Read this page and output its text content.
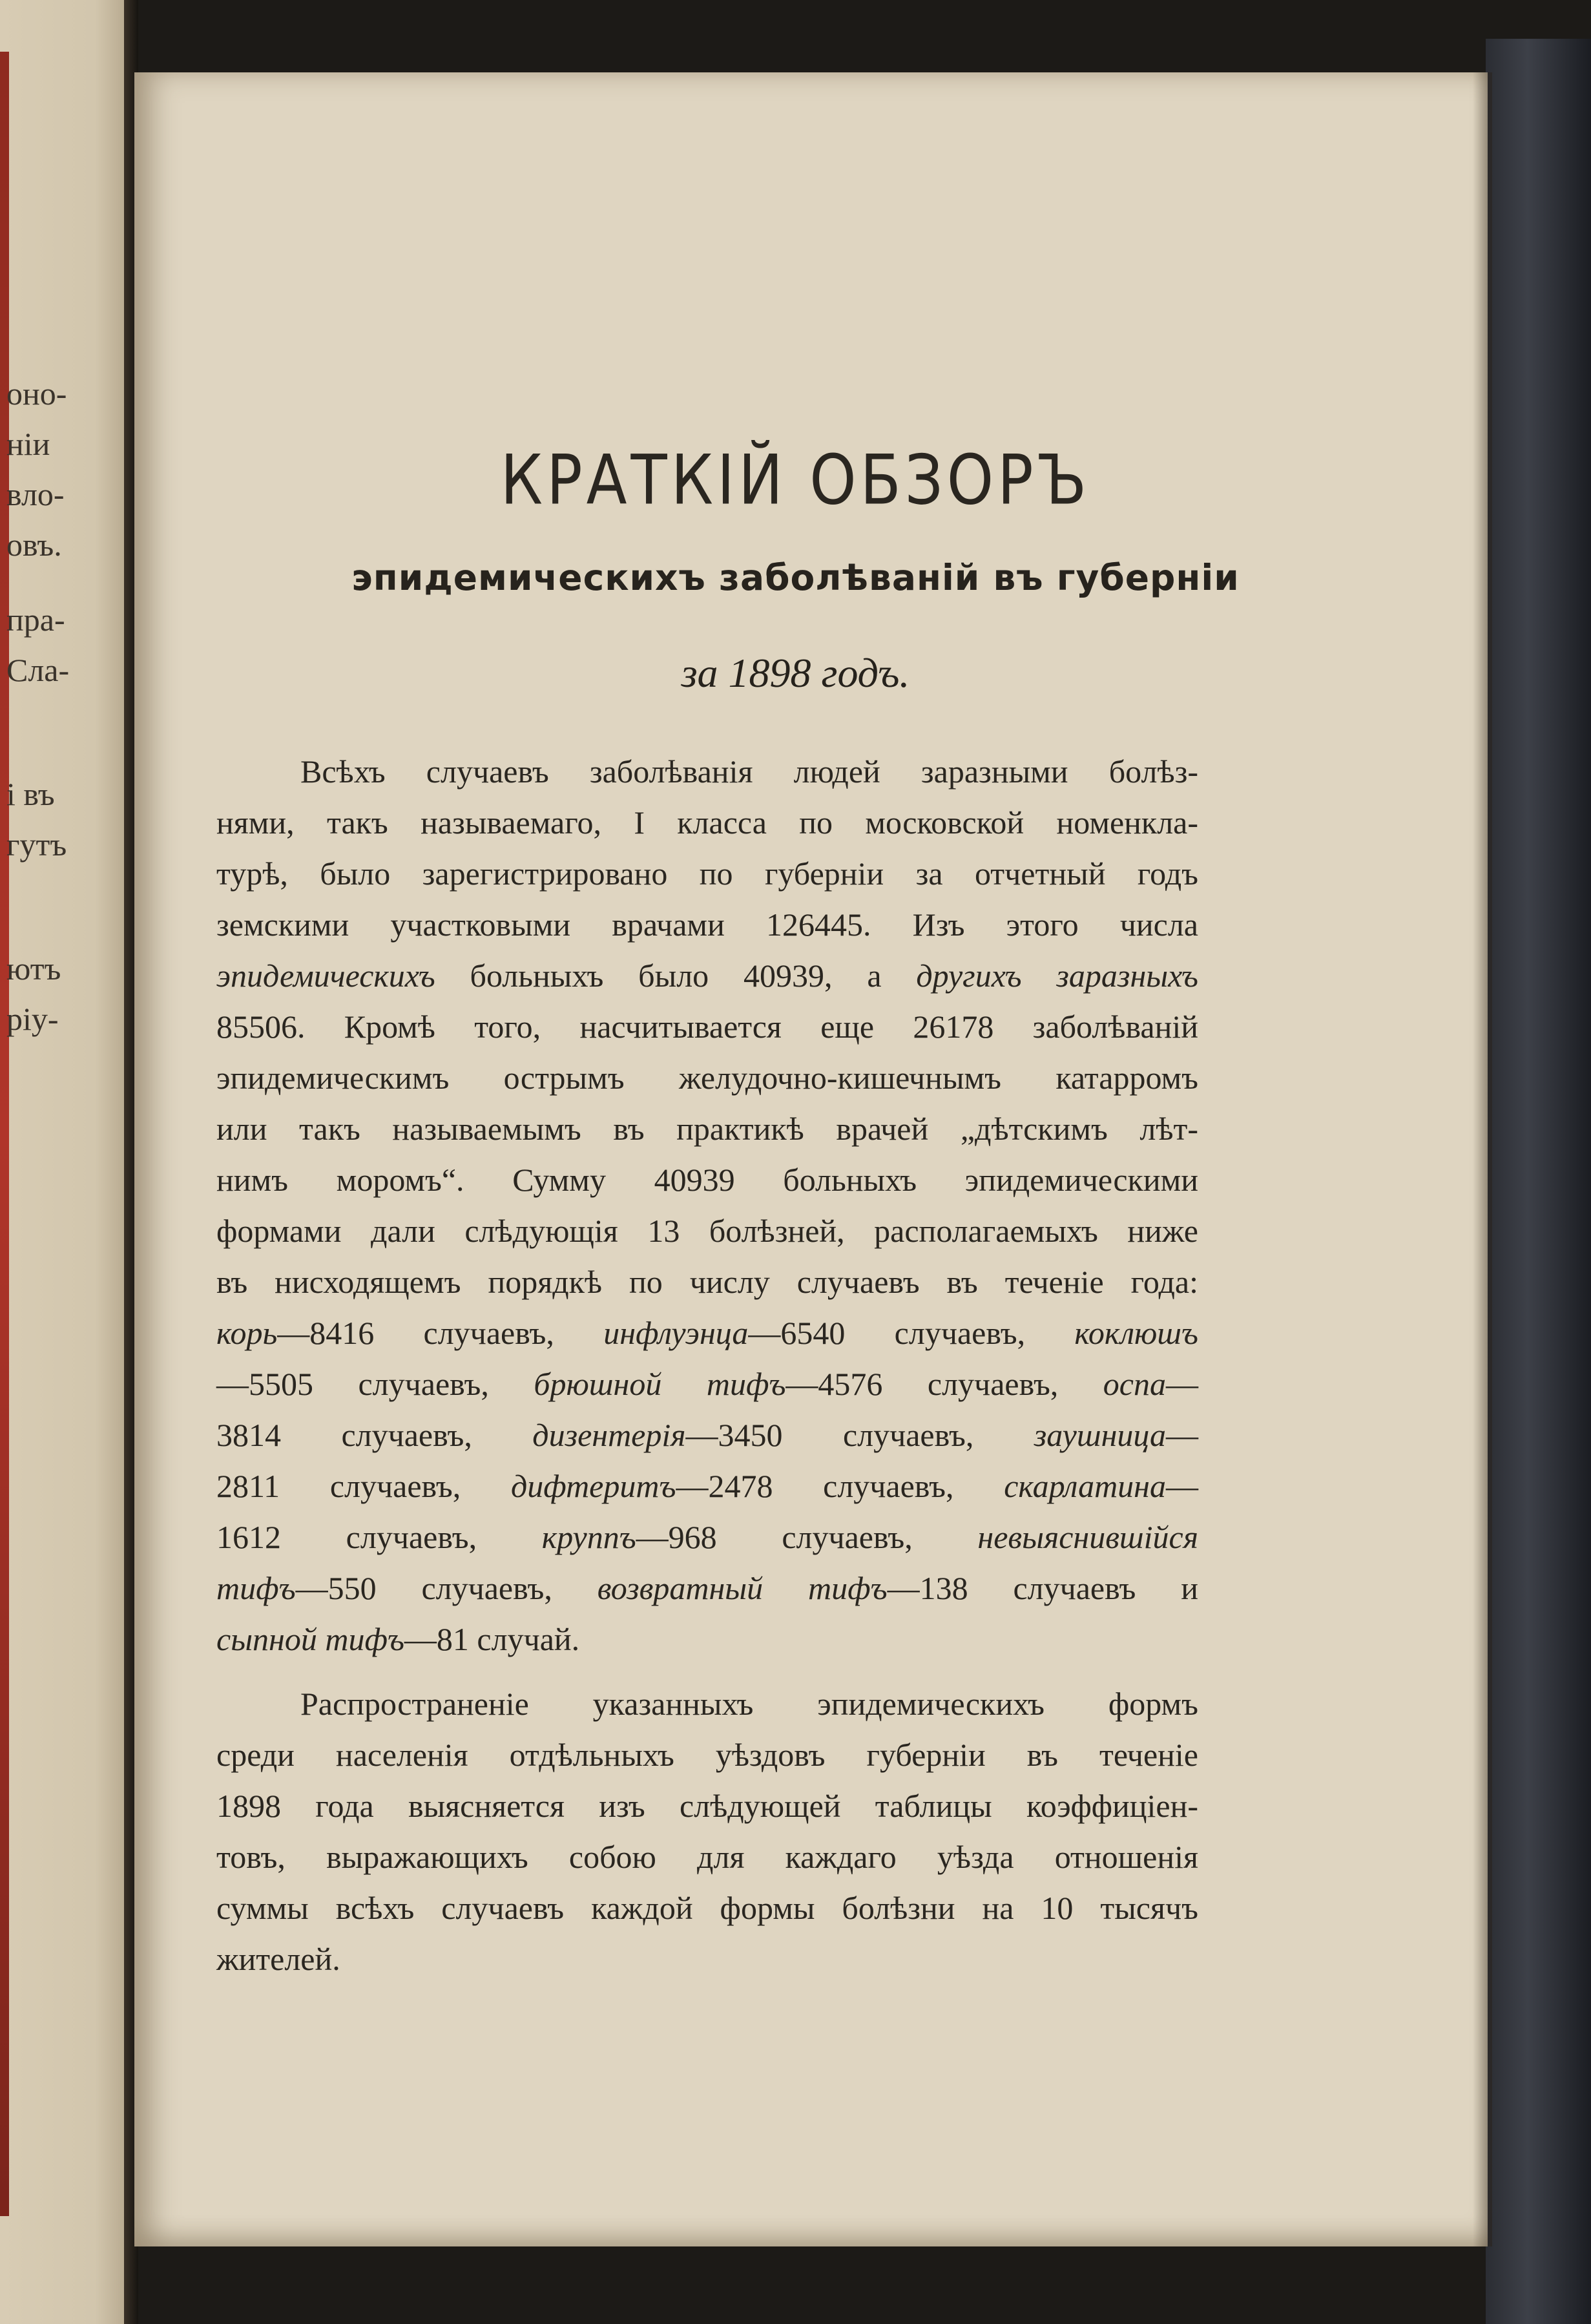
оно-
ніи
вло-
овъ.
пра-
Сла-
і въ
гутъ
ютъ
ріу-
КРАТКІЙ ОБЗОРЪ
эпидемическихъ заболѣваній въ губерніи
за 1898 годъ.
Всѣхъ случаевъ заболѣванія людей заразными болѣз-
нями, такъ называемаго, I класса по московской номенкла-
турѣ, было зарегистрировано по губерніи за отчетный годъ
земскими участковыми врачами 126445. Изъ этого числа
эпидемическихъ больныхъ было 40939, а другихъ заразныхъ
85506. Кромѣ того, насчитывается еще 26178 заболѣваній
эпидемическимъ острымъ желудочно-кишечнымъ катарромъ
или такъ называемымъ въ практикѣ врачей „дѣтскимъ лѣт-
нимъ моромъ“. Сумму 40939 больныхъ эпидемическими
формами дали слѣдующія 13 болѣзней, располагаемыхъ ниже
въ нисходящемъ порядкѣ по числу случаевъ въ теченіе года:
корь—8416 случаевъ, инфлуэнца—6540 случаевъ, коклюшъ
—5505 случаевъ, брюшной тифъ—4576 случаевъ, оспа—
3814 случаевъ, дизентерія—3450 случаевъ, заушница—
2811 случаевъ, дифтеритъ—2478 случаевъ, скарлатина—
1612 случаевъ, круппъ—968 случаевъ, невыяснившійся
тифъ—550 случаевъ, возвратный тифъ—138 случаевъ и
сыпной тифъ—81 случай.
Распространеніе указанныхъ эпидемическихъ формъ
среди населенія отдѣльныхъ уѣздовъ губерніи въ теченіе
1898 года выясняется изъ слѣдующей таблицы коэффиціен-
товъ, выражающихъ собою для каждаго уѣзда отношенія
суммы всѣхъ случаевъ каждой формы болѣзни на 10 тысячъ
жителей.
